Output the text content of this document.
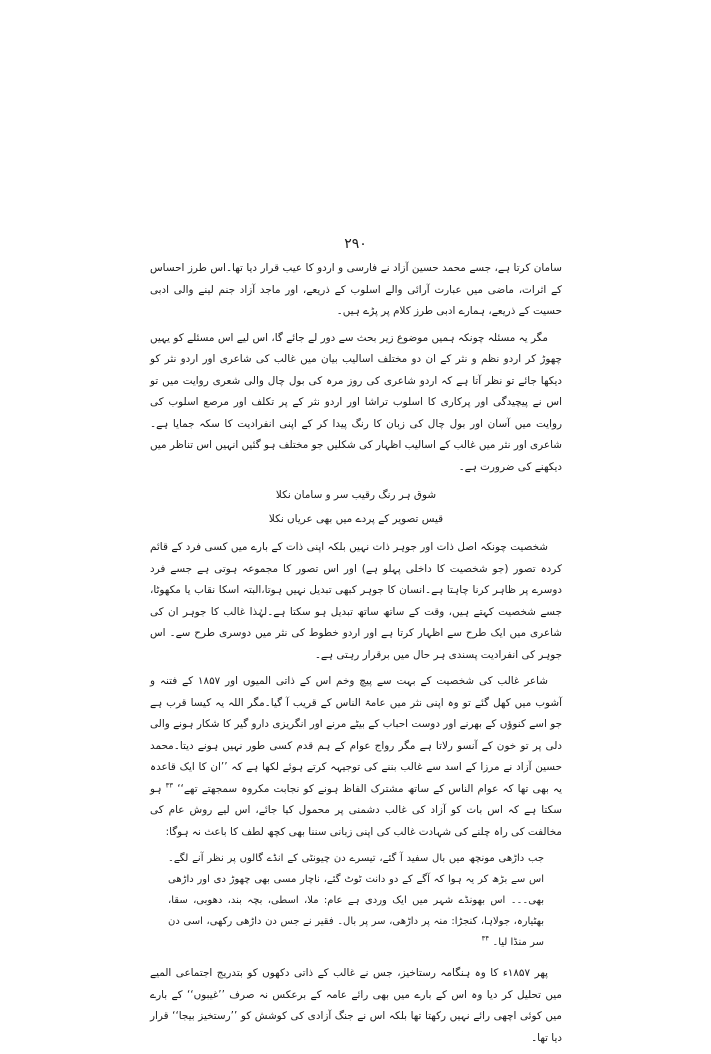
۲۹۰

سامان کرتا ہے، جسے محمد حسین آزاد نے فارسی و اردو کا عیب قرار دیا تھا۔اس طرز احساس کے اثرات، ماضی میں عبارت آرائی والے اسلوب کے ذریعے، اور ماجد آزاد جنم لینے والی ادبی حسیت کے ذریعے، ہمارے ادبی طرز کلام پر پڑے ہیں۔

مگر یہ مسئلہ چونکہ ہمیں موضوع زیر بحث سے دور لے جائے گا، اس لیے اس مسئلے کو یہیں چھوڑ کر اردو نظم و نثر کے ان دو مختلف اسالیب بیان میں غالب کی شاعری اور اردو نثر کو دیکھا جائے تو نظر آتا ہے کہ اردو شاعری کی روز مرہ کی بول چال والی شعری روایت میں تو اس نے پیچیدگی اور پرکاری کا اسلوب تراشا اور اردو نثر کے پر تکلف اور مرصع اسلوب کی روایت میں آسان اور بول چال کی زبان کا رنگ پیدا کر کے اپنی انفرادیت کا سکہ جمایا ہے۔ شاعری اور نثر میں غالب کے اسالیب اظہار کی شکلیں جو مختلف ہو گئیں انہیں اس تناظر میں دیکھنے کی ضرورت ہے۔

شوق ہر رنگ رقیب سر و سامان نکلا
قیس تصویر کے پردے میں بھی عریاں نکلا

شخصیت چونکہ اصل ذات اور جوہر ذات نہیں بلکہ اپنی ذات کے بارے میں کسی فرد کے قائم کردہ تصور (جو شخصیت کا داخلی پہلو ہے) اور اس تصور کا مجموعہ ہوتی ہے جسے فرد دوسرے پر ظاہر کرنا چاہتا ہے۔انسان کا جوہر کبھی تبدیل نہیں ہوتا،البتہ اسکا نقاب یا مکھوٹا، جسے شخصیت کہتے ہیں، وقت کے ساتھ ساتھ تبدیل ہو سکتا ہے۔لہٰذا غالب کا جوہر ان کی شاعری میں ایک طرح سے اظہار کرتا ہے اور اردو خطوط کی نثر میں دوسری طرح سے۔ اس جوہر کی انفرادیت پسندی ہر حال میں برقرار رہتی ہے۔

شاعر غالب کی شخصیت کے بہت سے پیچ وخم اس کے ذاتی المیوں اور ۱۸۵۷ کے فتنہ و آشوب میں کھل گئے تو وہ اپنی نثر میں عامۃ الناس کے قریب آ گیا۔مگر اللہ یہ کیسا قرب ہے جو اسے کنوؤں کے بھرنے اور دوست احباب کے بیٹے مرنے اور انگریزی دارو گیر کا شکار ہونے والی دلی پر تو خون کے آنسو رلاتا ہے مگر رواج عوام کے ہم قدم کسی طور نہیں ہونے دیتا۔محمد حسین آزاد نے مرزا کے اسد سے غالب بننے کی توجیہہ کرتے ہوئے لکھا ہے کہ ’’ان کا ایک قاعدہ یہ بھی تھا کہ عوام الناس کے ساتھ مشترک الفاظ ہونے کو نجابت مکروہ سمجھتے تھے‘‘ $^{۳۳}$ ہو سکتا ہے کہ اس بات کو آزاد کی غالب دشمنی پر محمول کیا جائے، اس لیے روش عام کی مخالفت کی راہ چلنے کی شہادت غالب کی اپنی زبانی سننا بھی کچھ لطف کا باعث نہ ہوگا:

جب داڑھی مونچھ میں بال سفید آ گئے، تیسرے دن چیونٹی کے انڈے گالوں پر نظر آنے لگے۔ اس سے بڑھ کر یہ ہوا کہ آگے کے دو دانت ٹوٹ گئے، ناچار مسی بھی چھوڑ دی اور داڑھی بھی۔۔۔ اس بھونڈے شہر میں ایک وردی ہے عام: ملا، اسطی، بچہ بند، دھوبی، سقا، بھٹیارہ، جولاہا، کنجڑا: منہ پر داڑھی، سر پر بال۔ فقیر نے جس دن داڑھی رکھی، اسی دن سر منڈا لیا۔ $^{۳۴}$

پھر ۱۸۵۷ء کا وہ ہنگامہ رستاخیز، جس نے غالب کے ذاتی دکھوں کو بتدریج اجتماعی المیے میں تحلیل کر دیا وہ اس کے بارے میں بھی رائے عامہ کے برعکس نہ صرف ’’غیبوں‘‘ کے بارے میں کوئی اچھی رائے نہیں رکھتا تھا بلکہ اس نے جنگ آزادی کی کوشش کو ’’رستخیز بیجا‘‘ قرار دیا تھا۔
